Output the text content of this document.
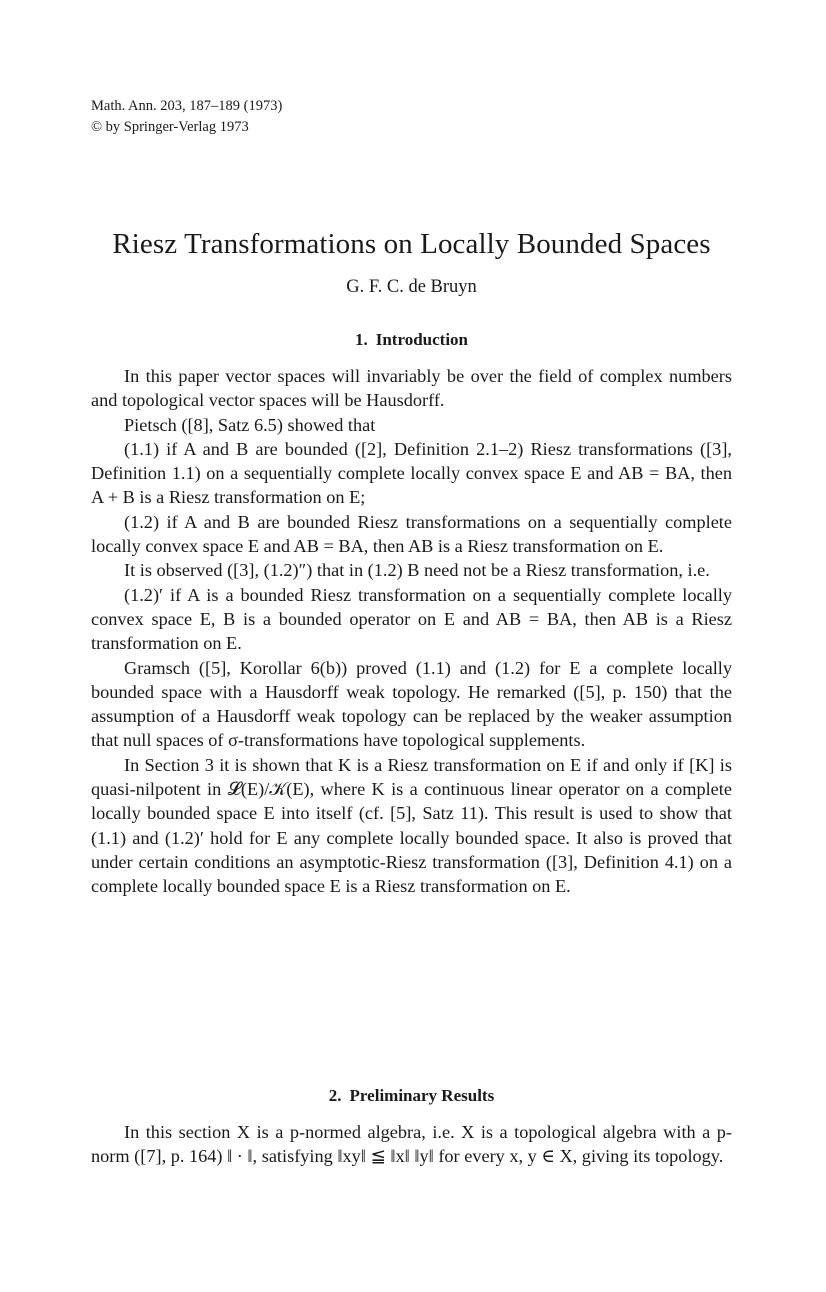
Math. Ann. 203, 187–189 (1973)
© by Springer-Verlag 1973
Riesz Transformations on Locally Bounded Spaces
G. F. C. de Bruyn
1. Introduction

In this paper vector spaces will invariably be over the field of complex numbers and topological vector spaces will be Hausdorff.

Pietsch ([8], Satz 6.5) showed that

(1.1) if A and B are bounded ([2], Definition 2.1–2) Riesz transformations ([3], Definition 1.1) on a sequentially complete locally convex space E and AB = BA, then A + B is a Riesz transformation on E;

(1.2) if A and B are bounded Riesz transformations on a sequentially complete locally convex space E and AB = BA, then AB is a Riesz transformation on E.

It is observed ([3], (1.2)″) that in (1.2) B need not be a Riesz transformation, i.e.

(1.2)′ if A is a bounded Riesz transformation on a sequentially complete locally convex space E, B is a bounded operator on E and AB = BA, then AB is a Riesz transformation on E.

Gramsch ([5], Korollar 6(b)) proved (1.1) and (1.2) for E a complete locally bounded space with a Hausdorff weak topology. He remarked ([5], p. 150) that the assumption of a Hausdorff weak topology can be replaced by the weaker assumption that null spaces of σ-transformations have topological supplements.

In Section 3 it is shown that K is a Riesz transformation on E if and only if [K] is quasi-nilpotent in 𝓛(E)/𝒦(E), where K is a continuous linear operator on a complete locally bounded space E into itself (cf. [5], Satz 11). This result is used to show that (1.1) and (1.2)′ hold for E any complete locally bounded space. It also is proved that under certain conditions an asymptotic-Riesz transformation ([3], Definition 4.1) on a complete locally bounded space E is a Riesz transformation on E.

2. Preliminary Results

In this section X is a p-normed algebra, i.e. X is a topological algebra with a p-norm ([7], p. 164) ‖ · ‖, satisfying ‖xy‖ ≦ ‖x‖ ‖y‖ for every x, y ∈ X, giving its topology.
